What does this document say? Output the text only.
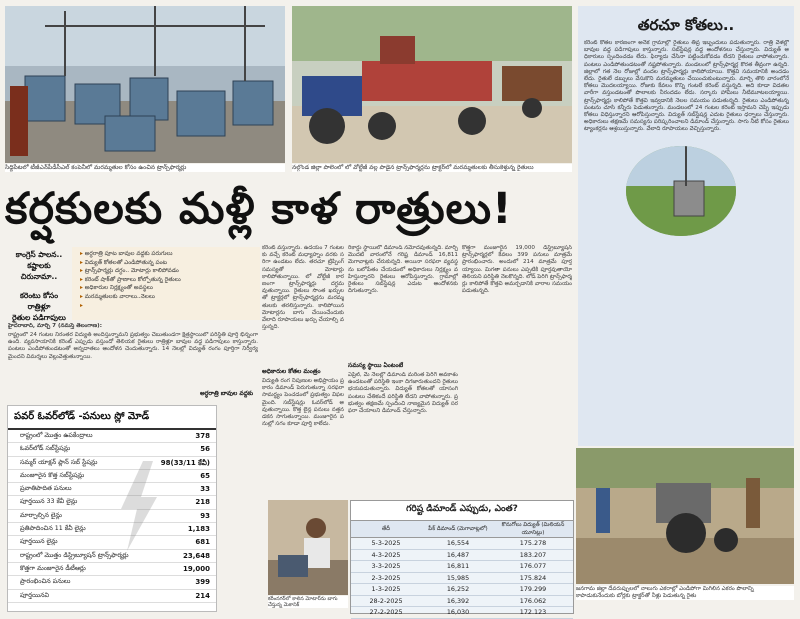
సిద్దిపేటలో టీజీఎన్‌పీడీసీఎల్ కంపెనీలో మరమ్మతుల కోసం ఉంచిన ట్రాన్స్‌ఫార్మర్లు	నల్గొండ జిల్లా పాలెంలో లో వోల్టేజీ వల్ల పాడైన ట్రాన్స్‌ఫార్మర్లను ట్రాక్టర్‌లో మరమ్మతులకు తీసుకెళ్తున్న రైతులు
తరచూ కోతలు..
కరెంట్ కోతల కారణంగా అనేక గ్రామాల్లో రైతులు తీవ్ర ఇబ్బందులు పడుతున్నారు. రాత్రి వేళల్లో బావుల వద్ద పడిగాపులు కాస్తున్నారు. సబ్‌స్టేషన్ల వద్ద ఆందోళనలు చేస్తున్నారు. విద్యుత్ అధికారులు స్పందించడం లేదు. ఫిర్యాదు చేసినా పట్టించుకోవడం లేదని రైతులు వాపోతున్నారు. పంటలు ఎండిపోతుండటంతో నష్టపోతున్నారు. మండలంలో ట్రాన్స్‌ఫార్మర్ల కొరత తీవ్రంగా ఉన్నది. జిల్లాలో గత నెల రోజుల్లో వందల ట్రాన్స్‌ఫార్మర్లు కాలిపోయాయి. కొత్తవి సమయానికి అందడం లేదు. రైతులే డబ్బులు వేసుకొని మరమ్మతులు చేయించుకుంటున్నారు. మార్చి తొలి వారంలోనే కోతలు మొదలయ్యాయి. రోజుకు కేవలం కొన్ని గంటలే కరెంట్ వస్తున్నది. అది కూడా విడతల వారీగా వస్తుండటంతో పొలాలకు నీరందడం లేదు. సర్కారు హామీలు నీటిమూటలయ్యాయి. ట్రాన్స్‌ఫార్మర్లు కాలిపోతే కొత్తవి ఇవ్వడానికి నెలల సమయం పడుతున్నది. రైతులు ఎండిపోతున్న పంటను చూసి కన్నీరు పెడుతున్నారు. మండలంలో 24 గంటల కరెంట్ ఇస్తామని చెప్పి ఇప్పుడు కోతలు విధిస్తున్నారని ఆరోపిస్తున్నారు. విద్యుత్ సబ్‌స్టేషన్ల ఎదుట రైతులు ధర్నాలు చేస్తున్నారు. అధికారులు తక్షణమే సమస్యను పరిష్కరించాలని డిమాండ్ చేస్తున్నారు. సాగు నీటి కోసం రైతులు ట్యాంకర్లను ఆశ్రయిస్తున్నారు. వేలాది రూపాయలు వెచ్చిస్తున్నారు.
కర్షకులకు మళ్లీ కాళ రాత్రులు!
కాంగ్రెస్ పాలన..
కష్టాలకు చిరునామా..
కరెంటు కోసం రాత్రిళ్లూ
రైతుల పడిగాపులు
▸ అర్ధరాత్రి పూట బావుల వద్దకు పరుగులు
▸ విద్యుత్ కోతలతో ఎండిపోతున్న పంట
▸ ట్రాన్స్‌ఫార్మర్లు దగ్ధం.. మోటార్లు కాలిపోవడం
▸ కరెంట్ షాక్‌తో ప్రాణాలు కోల్పోతున్న రైతులు
▸ అధికారుల నిర్లక్ష్యంతో అవస్థలు
▸ మరమ్మతులకు వారాలు..నెలలు
▸
హైదరాబాద్, మార్చి 7 (నమస్తే తెలంగాణ):
రాష్ట్రంలో 24 గంటల నిరంతర విద్యుత్ అందిస్తున్నామని ప్రభుత్వం చెబుతుండగా క్షేత్రస్థాయిలో పరిస్థితి పూర్తి భిన్నంగా ఉంది. వ్యవసాయానికి కరెంట్ ఎప్పుడు వస్తుందో తెలియక రైతులు రాత్రిళ్లూ బావుల వద్ద పడిగాపులు కాస్తున్నారు. పంటలు ఎండిపోతుండటంతో అన్నదాతలు ఆందోళన చెందుతున్నారు. 14 నెలల్లో విద్యుత్ రంగం పూర్తిగా నిర్వీర్యమైందని విమర్శలు వెల్లువెత్తుతున్నాయి.
కరెంట్ వస్తున్నారు. ఉదయం 7 గంటలకు వచ్చే కరెంట్ మధ్యాహ్నం వరకు సరిగా ఉండటం లేదు. తరచూ ట్రిప్పింగ్ సమస్యతో మోటార్లు కాలిపోతున్నాయి. లో వోల్టేజీ కారణంగా ట్రాన్స్‌ఫార్మర్లు దగ్ధమవుతున్నాయి. రైతులు సొంత ఖర్చులతో ట్రాక్టర్లలో ట్రాన్స్‌ఫార్మర్లను మరమ్మతులకు తరలిస్తున్నారు. కాలిపోయిన మోటార్లను బాగు చేయించేందుకు వేలాది రూపాయలు ఖర్చు చేయాల్సి వస్తున్నది.
అర్ధరాత్రి బావుల వద్దకు
అధికారుల కోతల మంత్రం
విద్యుత్ రంగ నిపుణుల అభిప్రాయం ప్రకారం డిమాండ్ పెరుగుతున్నా సరఫరా సామర్థ్యం పెంచడంలో ప్రభుత్వం విఫలమైంది. సబ్‌స్టేషన్లు ఓవర్‌లోడ్ అవుతున్నాయి. కొత్త లైన్ల పనులు నత్తనడకన సాగుతున్నాయి. మంజూరైన పనుల్లో సగం కూడా పూర్తి కాలేదు.
రికార్డు స్థాయిలో డిమాండ్ నమోదవుతున్నది. మార్చి మొదటి వారంలోనే గరిష్ట డిమాండ్ 16,811 మెగావాట్లకు చేరుకున్నది. అయినా సరఫరా వ్యవస్థను బలోపేతం చేయడంలో అధికారులు నిర్లక్ష్యం వహిస్తున్నారని రైతులు ఆరోపిస్తున్నారు. గ్రామాల్లో రైతులు సబ్‌స్టేషన్ల ఎదుట ఆందోళనకు దిగుతున్నారు.
సమస్య స్థాయి ఏంటంటే
ఏప్రిల్, మే నెలల్లో డిమాండ్ మరింత పెరిగే అవకాశం ఉండటంతో పరిస్థితి ఇంకా దిగజారుతుందని రైతులు భయపడుతున్నారు. విద్యుత్ కోతలతో యాసంగి పంటలు చేతికందే పరిస్థితి లేదని వాపోతున్నారు. ప్రభుత్వం తక్షణమే స్పందించి నాణ్యమైన విద్యుత్ సరఫరా చేయాలని డిమాండ్ చేస్తున్నారు.
కొత్తగా మంజూరైన 19,000 డిస్ట్రిబ్యూషన్ ట్రాన్స్‌ఫార్మర్లలో కేవలం 399 పనులు మాత్రమే ప్రారంభించారు. అందులో 214 మాత్రమే పూర్తయ్యాయి. మిగతా పనులు ఎప్పటికి పూర్తవుతాయో తెలియని పరిస్థితి నెలకొన్నది. లోడ్ పెరిగి ట్రాన్స్‌ఫార్మర్లు కాలిపోతే కొత్తవి అమర్చడానికి వారాల సమయం పడుతున్నది.
పవర్ ఓవర్‌లోడ్ -పనులు స్లో మోడ్
రాష్ట్రంలో మొత్తం ఉపకేంద్రాలు	378
ఓవర్‌లోడ్ సబ్‌స్టేషన్లు	56
సమ్మర్ యాక్షన్ ప్లాన్ సబ్ స్టేషన్లు	98(33/11 కేవీ)
మంజూరైన కొత్త సబ్‌స్టేషన్లు	65
ప్రవాతిపాదిత పనులు	33
పూర్తయిన 33 కేవీ లైన్లు	218
మార్చాల్సిన లైన్లు	93
ప్రతిపాదించిన 11 కేవీ లైన్లు	1,183
పూర్తయిన లైన్లు	681
రాష్ట్రంలో మొత్తం డిస్ట్రిబ్యూషన్ ట్రాన్స్‌ఫార్మర్లు	23,648
కొత్తగా మంజూరైన డీటీఆర్లు	19,000
ప్రారంభించిన పనులు	399
పూర్తయినవి	214
గరిష్ట డిమాండ్ ఎప్పుడు, ఎంత?
తేదీ	పీక్ డిమాండ్ (మెగావాట్లలో)
కొనుగోలు విద్యుత్ (మిలియన్ యూనిట్లు)
5-3-2025	16,554	175.278
4-3-2025	16,487	183.207
3-3-2025	16,811	176.077
2-3-2025	15,985	175.824
1-3-2025	16,252	179.299
28-2-2025	16,392	176.062
27-2-2025	16,030	172.123
కరీంనగర్‌లో కాలిన మోటార్‌ను బాగు చేస్తున్న మెకానిక్
జనగామ జిల్లా దేవరుప్పులలో నాలుగు ఎకరాల్లో ఎండిపోగా మిగిలిన ఎకరం పొలాన్ని కాపాడుకునేందుకు బోర్లకు ట్రాక్టర్‌తో నీళ్లు పెడుతున్న రైతు
